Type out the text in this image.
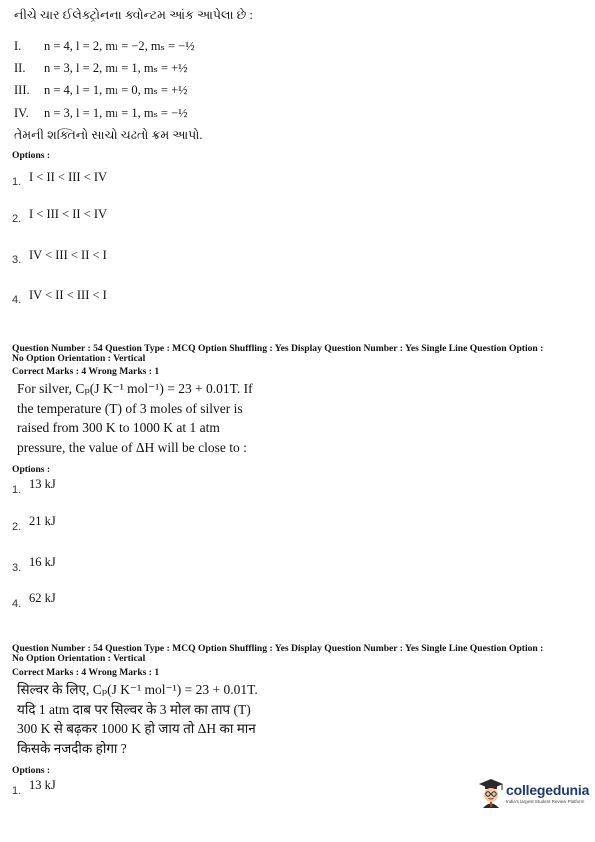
નીચે ચાર ઈલેક્ટ્રોનના ક્વોન્ટમ આંક આપેલા છે :
I. n = 4, l = 2, mₗ = −2, mₛ = −½
II. n = 3, l = 2, mₗ = 1, mₛ = +½
III. n = 4, l = 1, mₗ = 0, mₛ = +½
IV. n = 3, l = 1, mₗ = 1, mₛ = −½
તેમની શક્તિનો સાચો ચઢતો ક્રમ આપો.
Options :
1. I < II < III < IV
2. I < III < II < IV
3. IV < III < II < I
4. IV < II < III < I
Question Number : 54 Question Type : MCQ Option Shuffling : Yes Display Question Number : Yes Single Line Question Option :
No Option Orientation : Vertical
Correct Marks : 4 Wrong Marks : 1
For silver, Cₚ(J K⁻¹ mol⁻¹) = 23 + 0.01T. If
the temperature (T) of 3 moles of silver is
raised from 300 K to 1000 K at 1 atm
pressure, the value of ΔH will be close to :
Options :
1. 13 kJ
2. 21 kJ
3. 16 kJ
4. 62 kJ
Question Number : 54 Question Type : MCQ Option Shuffling : Yes Display Question Number : Yes Single Line Question Option :
No Option Orientation : Vertical
Correct Marks : 4 Wrong Marks : 1
सिल्वर के लिए, Cₚ(J K⁻¹ mol⁻¹) = 23 + 0.01T.
यदि 1 atm दाब पर सिल्वर के 3 मोल का ताप (T)
300 K से बढ़कर 1000 K हो जाय तो ΔH का मान
किसके नजदीक होगा ?
Options :
1. 13 kJ	collegedunia
India's largest Student Review Platform
